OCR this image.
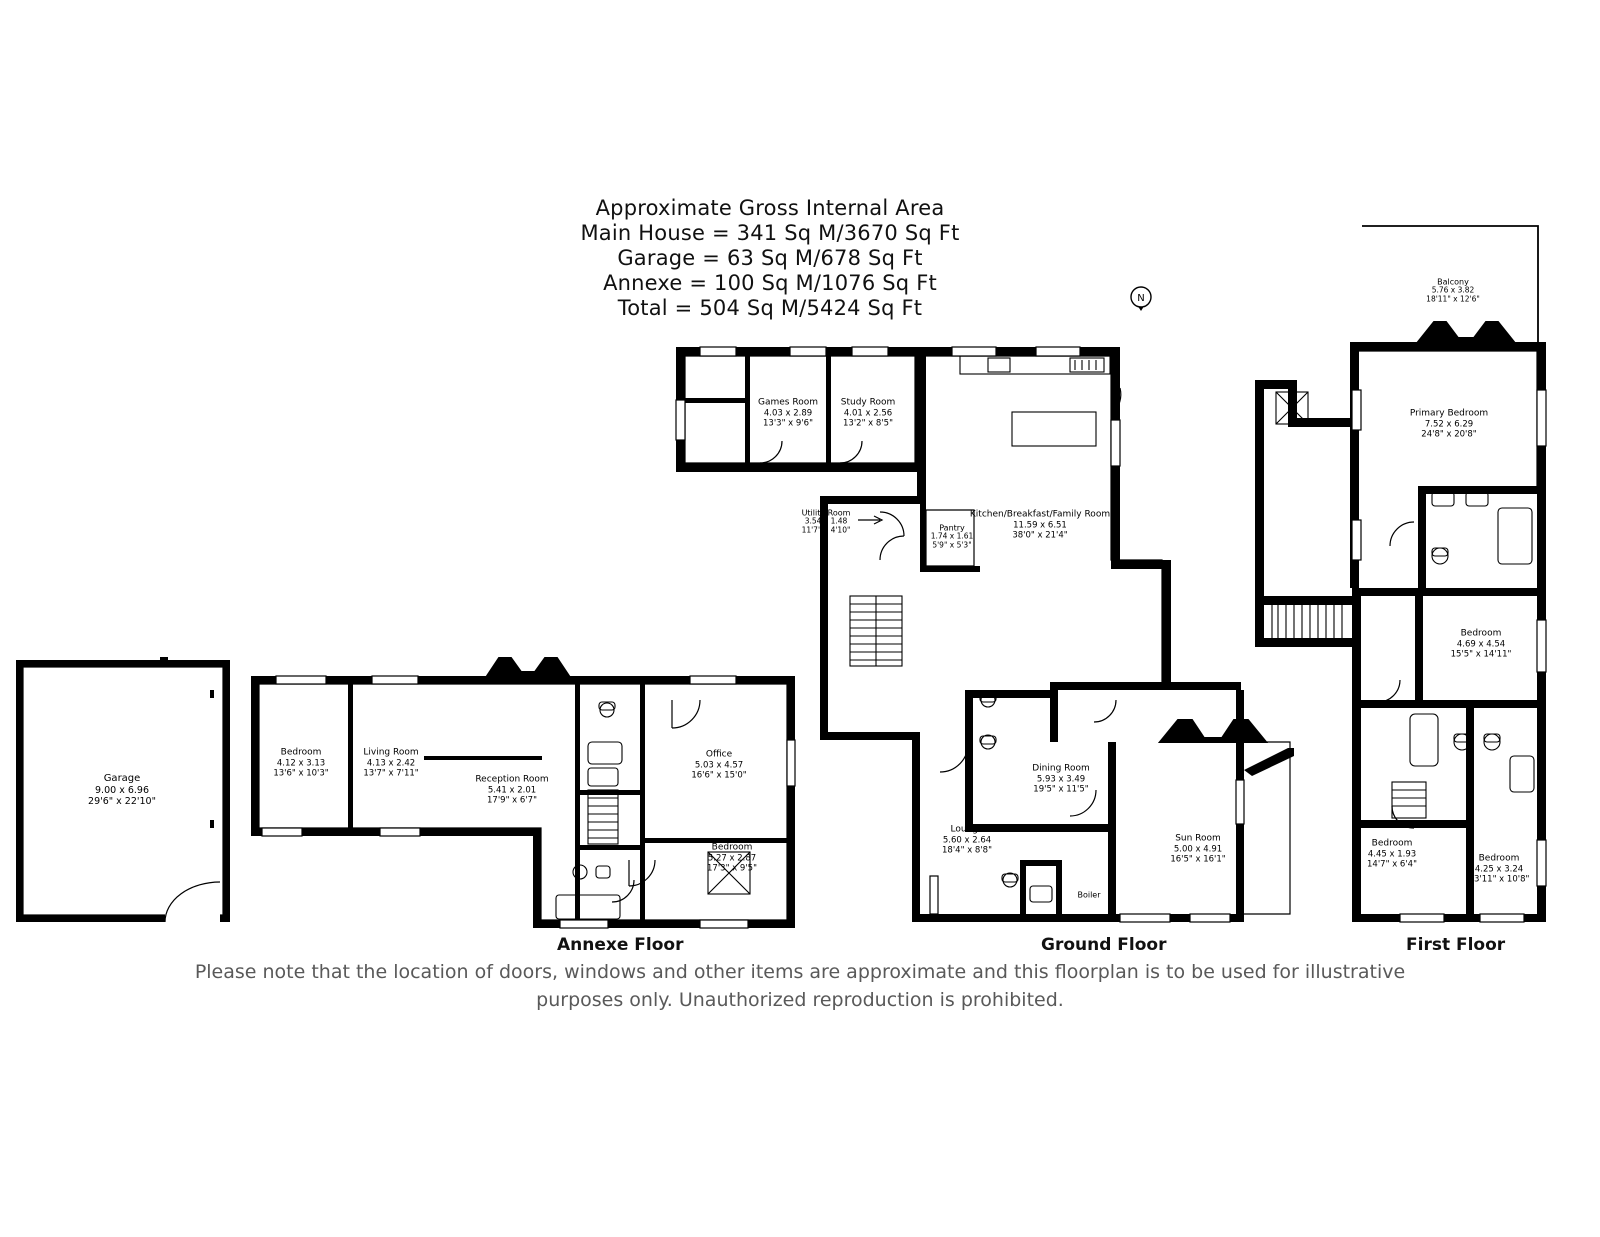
Approximate Gross Internal Area
Main House = 341 Sq M/3670 Sq Ft
Garage = 63 Sq M/678 Sq Ft
Annexe = 100 Sq M/1076 Sq Ft
Total = 504 Sq M/5424 Sq Ft	N
Garage
9.00 x 6.96
29'6" x 22'10"
Bedroom
4.12 x 3.13
13'6" x 10'3"
Living Room
4.13 x 2.42
13'7" x 7'11"
Reception Room
5.41 x 2.01
17'9" x 6'7"
Office
5.03 x 4.57
16'6" x 15'0"
Bedroom
5.27 x 2.87
17'3" x 9'5"
Games Room
4.03 x 2.89
13'3" x 9'6"
Study Room
4.01 x 2.56
13'2" x 8'5"
Utility Room
3.54 x 1.48
11'7" x 4'10"	Pantry
1.74 x 1.61
5'9" x 5'3"
Kitchen/Breakfast/Family Room
11.59 x 6.51
38'0" x 21'4"
Dining Room
5.93 x 3.49
19'5" x 11'5"
Lounge
5.60 x 2.64
18'4" x 8'8"
Sun Room
5.00 x 4.91
16'5" x 16'1"
Boiler
Balcony
5.76 x 3.82
18'11" x 12'6"
Primary Bedroom
7.52 x 6.29
24'8" x 20'8"
Bedroom
4.69 x 4.54
15'5" x 14'11"
Bedroom
4.45 x 1.93
14'7" x 6'4"
Bedroom
4.25 x 3.24
13'11" x 10'8"
Annexe Floor	Ground Floor	First Floor
Please note that the location of doors, windows and other items are approximate and this floorplan is to be used for illustrative
purposes only. Unauthorized reproduction is prohibited.
